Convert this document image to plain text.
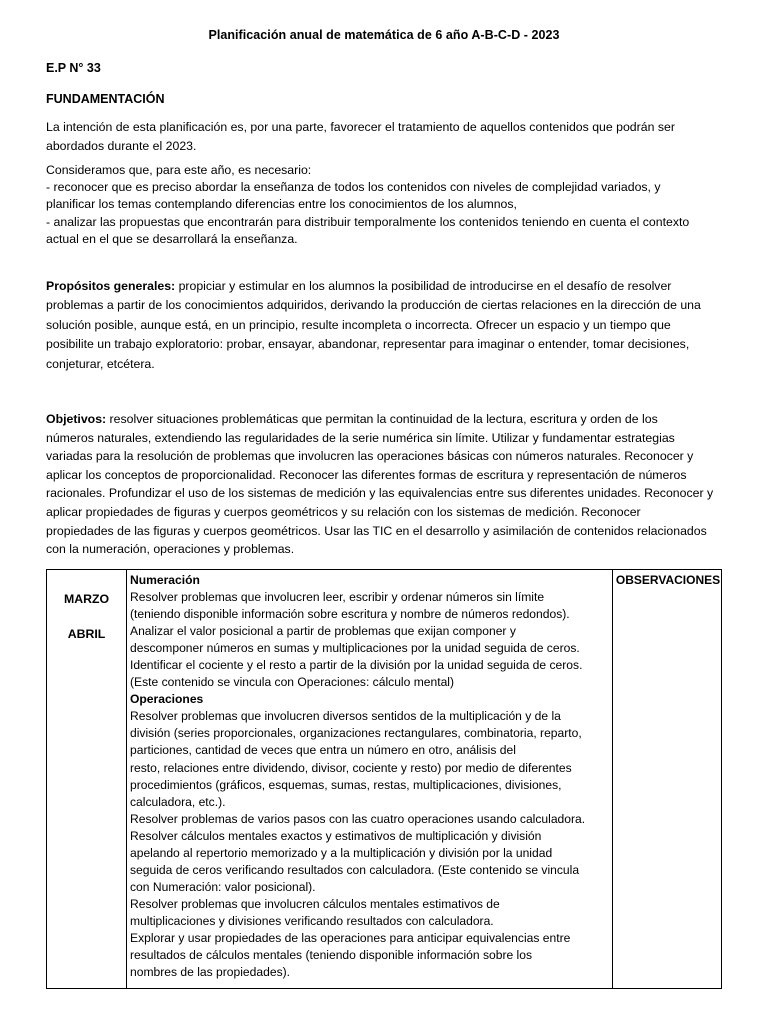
Planificación anual de matemática de 6 año A-B-C-D - 2023
E.P N° 33
FUNDAMENTACIÓN

La intención de esta planificación es, por una parte, favorecer el tratamiento de aquellos contenidos que podrán ser
abordados durante el 2023.

Consideramos que, para este año, es necesario:
- reconocer que es preciso abordar la enseñanza de todos los contenidos con niveles de complejidad variados, y
planificar los temas contemplando diferencias entre los conocimientos de los alumnos,
- analizar las propuestas que encontrarán para distribuir temporalmente los contenidos teniendo en cuenta el contexto
actual en el que se desarrollará la enseñanza.

Propósitos generales: propiciar y estimular en los alumnos la posibilidad de introducirse en el desafío de resolver
problemas a partir de los conocimientos adquiridos, derivando la producción de ciertas relaciones en la dirección de una
solución posible, aunque está, en un principio, resulte incompleta o incorrecta. Ofrecer un espacio y un tiempo que
posibilite un trabajo exploratorio: probar, ensayar, abandonar, representar para imaginar o entender, tomar decisiones,
conjeturar, etcétera.

Objetivos: resolver situaciones problemáticas que permitan la continuidad de la lectura, escritura y orden de los
números naturales, extendiendo las regularidades de la serie numérica sin límite. Utilizar y fundamentar estrategias
variadas para la resolución de problemas que involucren las operaciones básicas con números naturales. Reconocer y
aplicar los conceptos de proporcionalidad. Reconocer las diferentes formas de escritura y representación de números
racionales. Profundizar el uso de los sistemas de medición y las equivalencias entre sus diferentes unidades. Reconocer y
aplicar propiedades de figuras y cuerpos geométricos y su relación con los sistemas de medición. Reconocer
propiedades de las figuras y cuerpos geométricos. Usar las TIC en el desarrollo y asimilación de contenidos relacionados
con la numeración, operaciones y problemas.

MARZO
ABRIL
OBSERVACIONES
Numeración
Resolver problemas que involucren leer, escribir y ordenar números sin límite
(teniendo disponible información sobre escritura y nombre de números redondos).
Analizar el valor posicional a partir de problemas que exijan componer y
descomponer números en sumas y multiplicaciones por la unidad seguida de ceros.
Identificar el cociente y el resto a partir de la división por la unidad seguida de ceros.
(Este contenido se vincula con Operaciones: cálculo mental)
Operaciones
Resolver problemas que involucren diversos sentidos de la multiplicación y de la
división (series proporcionales, organizaciones rectangulares, combinatoria, reparto,
particiones, cantidad de veces que entra un número en otro, análisis del
resto, relaciones entre dividendo, divisor, cociente y resto) por medio de diferentes
procedimientos (gráficos, esquemas, sumas, restas, multiplicaciones, divisiones,
calculadora, etc.).
Resolver problemas de varios pasos con las cuatro operaciones usando calculadora.
Resolver cálculos mentales exactos y estimativos de multiplicación y división
apelando al repertorio memorizado y a la multiplicación y división por la unidad
seguida de ceros verificando resultados con calculadora. (Este contenido se vincula
con Numeración: valor posicional).
Resolver problemas que involucren cálculos mentales estimativos de
multiplicaciones y divisiones verificando resultados con calculadora.
Explorar y usar propiedades de las operaciones para anticipar equivalencias entre
resultados de cálculos mentales (teniendo disponible información sobre los
nombres de las propiedades).
